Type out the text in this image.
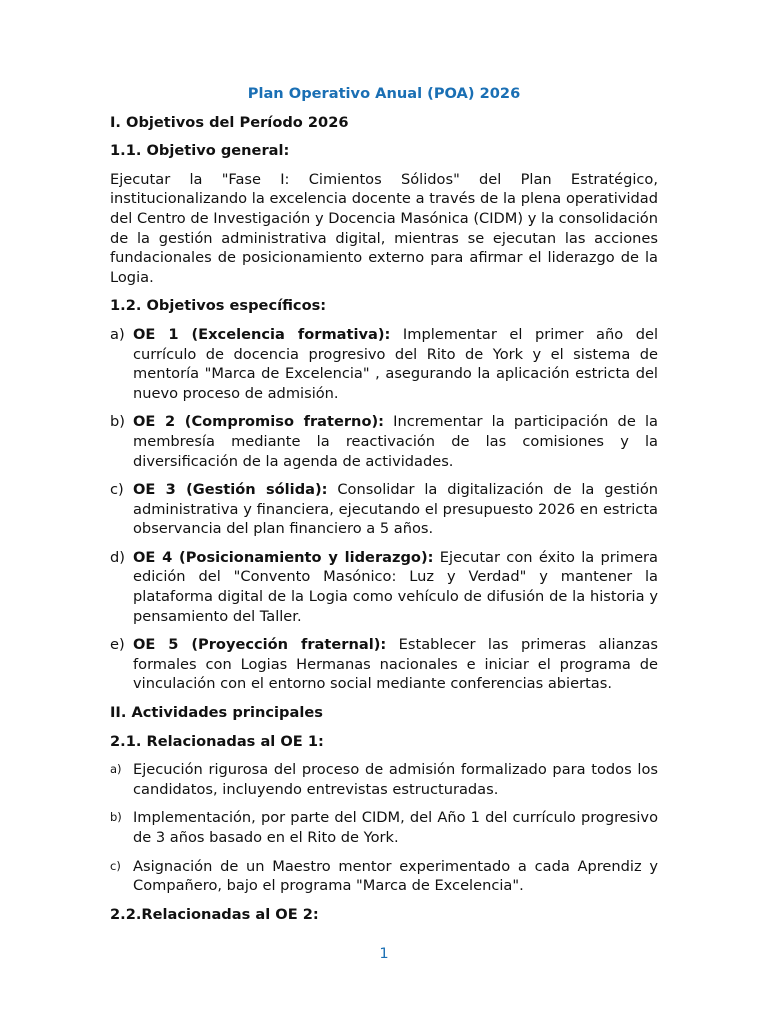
Plan Operativo Anual (POA) 2026
I. Objetivos del Período 2026
1.1. Objetivo general:
Ejecutar la "Fase I: Cimientos Sólidos" del Plan Estratégico, institucionalizando la excelencia docente a través de la plena operatividad del Centro de Investigación y Docencia Masónica (CIDM) y la consolidación de la gestión administrativa digital, mientras se ejecutan las acciones fundacionales de posicionamiento externo para afirmar el liderazgo de la Logia.
1.2. Objetivos específicos:
a) OE 1 (Excelencia formativa): Implementar el primer año del currículo de docencia progresivo del Rito de York y el sistema de mentoría "Marca de Excelencia" , asegurando la aplicación estricta del nuevo proceso de admisión.
b) OE 2 (Compromiso fraterno): Incrementar la participación de la membresía mediante la reactivación de las comisiones y la diversificación de la agenda de actividades.
c) OE 3 (Gestión sólida): Consolidar la digitalización de la gestión administrativa y financiera, ejecutando el presupuesto 2026 en estricta observancia del plan financiero a 5 años.
d) OE 4 (Posicionamiento y liderazgo): Ejecutar con éxito la primera edición del "Convento Masónico: Luz y Verdad" y mantener la plataforma digital de la Logia como vehículo de difusión de la historia y pensamiento del Taller.
e) OE 5 (Proyección fraternal): Establecer las primeras alianzas formales con Logias Hermanas nacionales e iniciar el programa de vinculación con el entorno social mediante conferencias abiertas.
II. Actividades principales
2.1. Relacionadas al OE 1:
a) Ejecución rigurosa del proceso de admisión formalizado para todos los candidatos, incluyendo entrevistas estructuradas.
b) Implementación, por parte del CIDM, del Año 1 del currículo progresivo de 3 años basado en el Rito de York.
c) Asignación de un Maestro mentor experimentado a cada Aprendiz y Compañero, bajo el programa "Marca de Excelencia".
2.2.Relacionadas al OE 2:
1
